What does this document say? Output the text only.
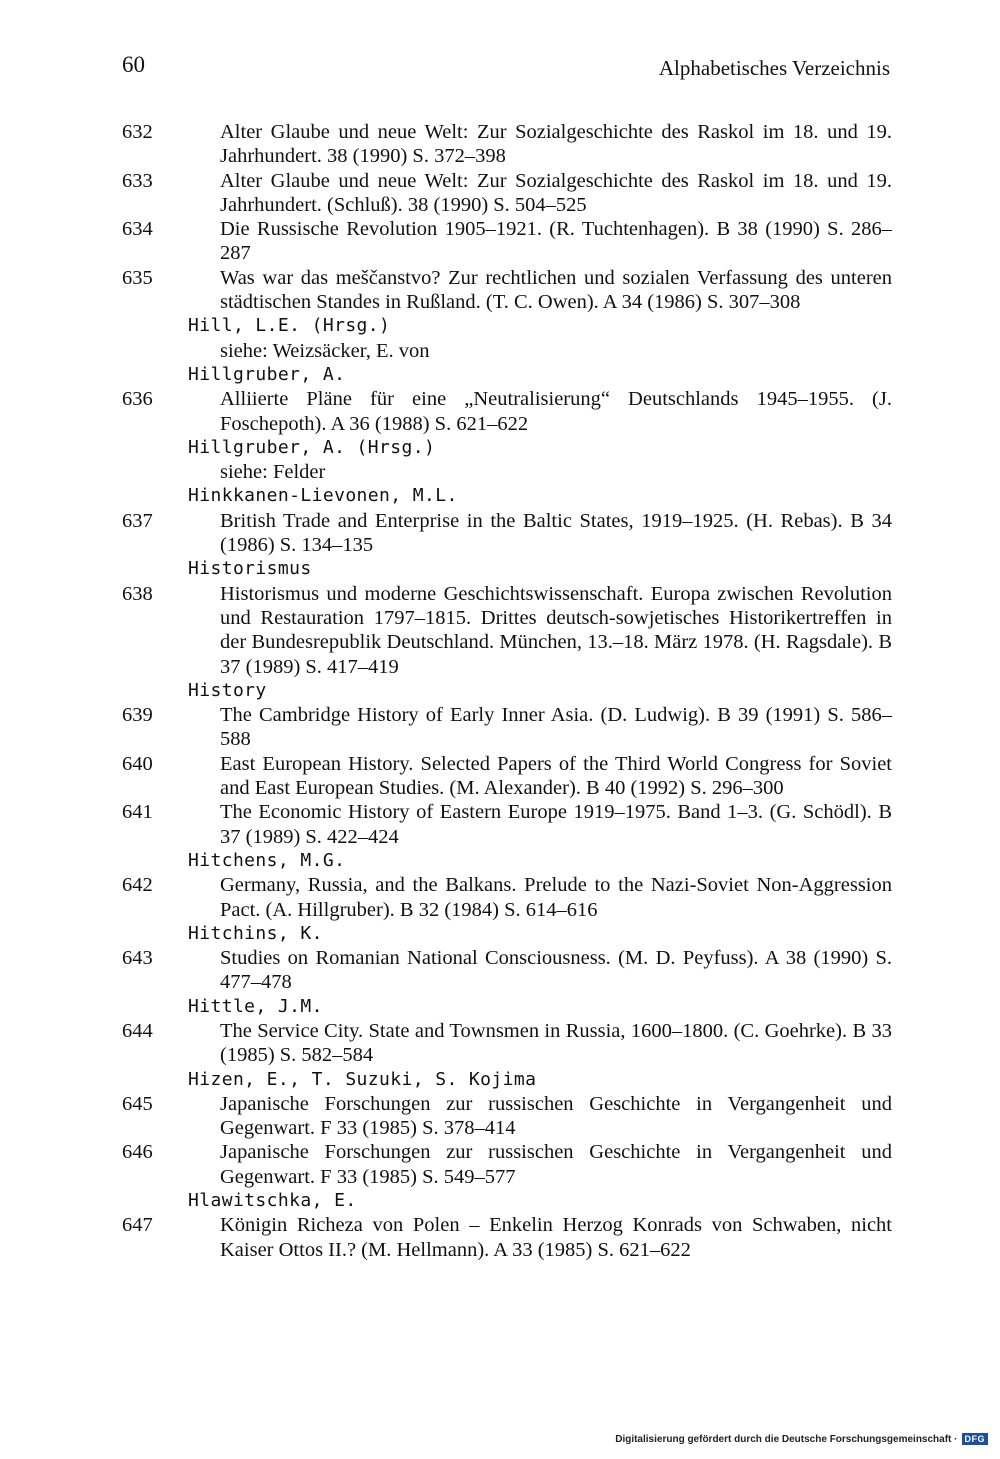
60	Alphabetisches Verzeichnis
632	Alter Glaube und neue Welt: Zur Sozialgeschichte des Raskol im 18. und 19. Jahrhundert. 38 (1990) S. 372–398
633	Alter Glaube und neue Welt: Zur Sozialgeschichte des Raskol im 18. und 19. Jahrhundert. (Schluß). 38 (1990) S. 504–525
634	Die Russische Revolution 1905–1921. (R. Tuchtenhagen). B 38 (1990) S. 286–287
635	Was war das meščanstvo? Zur rechtlichen und sozialen Verfassung des unteren städtischen Standes in Rußland. (T. C. Owen). A 34 (1986) S. 307–308
Hill, L.E. (Hrsg.)
siehe: Weizsäcker, E. von
Hillgruber, A.
636	Alliierte Pläne für eine „Neutralisierung“ Deutschlands 1945–1955. (J. Foschepoth). A 36 (1988) S. 621–622
Hillgruber, A. (Hrsg.)
siehe: Felder
Hinkkanen-Lievonen, M.L.
637	British Trade and Enterprise in the Baltic States, 1919–1925. (H. Rebas). B 34 (1986) S. 134–135
Historismus
638	Historismus und moderne Geschichtswissenschaft. Europa zwischen Revolution und Restauration 1797–1815. Drittes deutsch-sowjetisches Historikertreffen in der Bundesrepublik Deutschland. München, 13.–18. März 1978. (H. Ragsdale). B 37 (1989) S. 417–419
History
639	The Cambridge History of Early Inner Asia. (D. Ludwig). B 39 (1991) S. 586–588
640	East European History. Selected Papers of the Third World Congress for Soviet and East European Studies. (M. Alexander). B 40 (1992) S. 296–300
641	The Economic History of Eastern Europe 1919–1975. Band 1–3. (G. Schödl). B 37 (1989) S. 422–424
Hitchens, M.G.
642	Germany, Russia, and the Balkans. Prelude to the Nazi-Soviet Non-Aggression Pact. (A. Hillgruber). B 32 (1984) S. 614–616
Hitchins, K.
643	Studies on Romanian National Consciousness. (M. D. Peyfuss). A 38 (1990) S. 477–478
Hittle, J.M.
644	The Service City. State and Townsmen in Russia, 1600–1800. (C. Goehrke). B 33 (1985) S. 582–584
Hizen, E., T. Suzuki, S. Kojima
645	Japanische Forschungen zur russischen Geschichte in Vergangenheit und Gegenwart. F 33 (1985) S. 378–414
646	Japanische Forschungen zur russischen Geschichte in Vergangenheit und Gegenwart. F 33 (1985) S. 549–577
Hlawitschka, E.
647	Königin Richeza von Polen – Enkelin Herzog Konrads von Schwaben, nicht Kaiser Ottos II.? (M. Hellmann). A 33 (1985) S. 621–622
Digitalisierung gefördert durch die Deutsche Forschungsgemeinschaft · DFG
